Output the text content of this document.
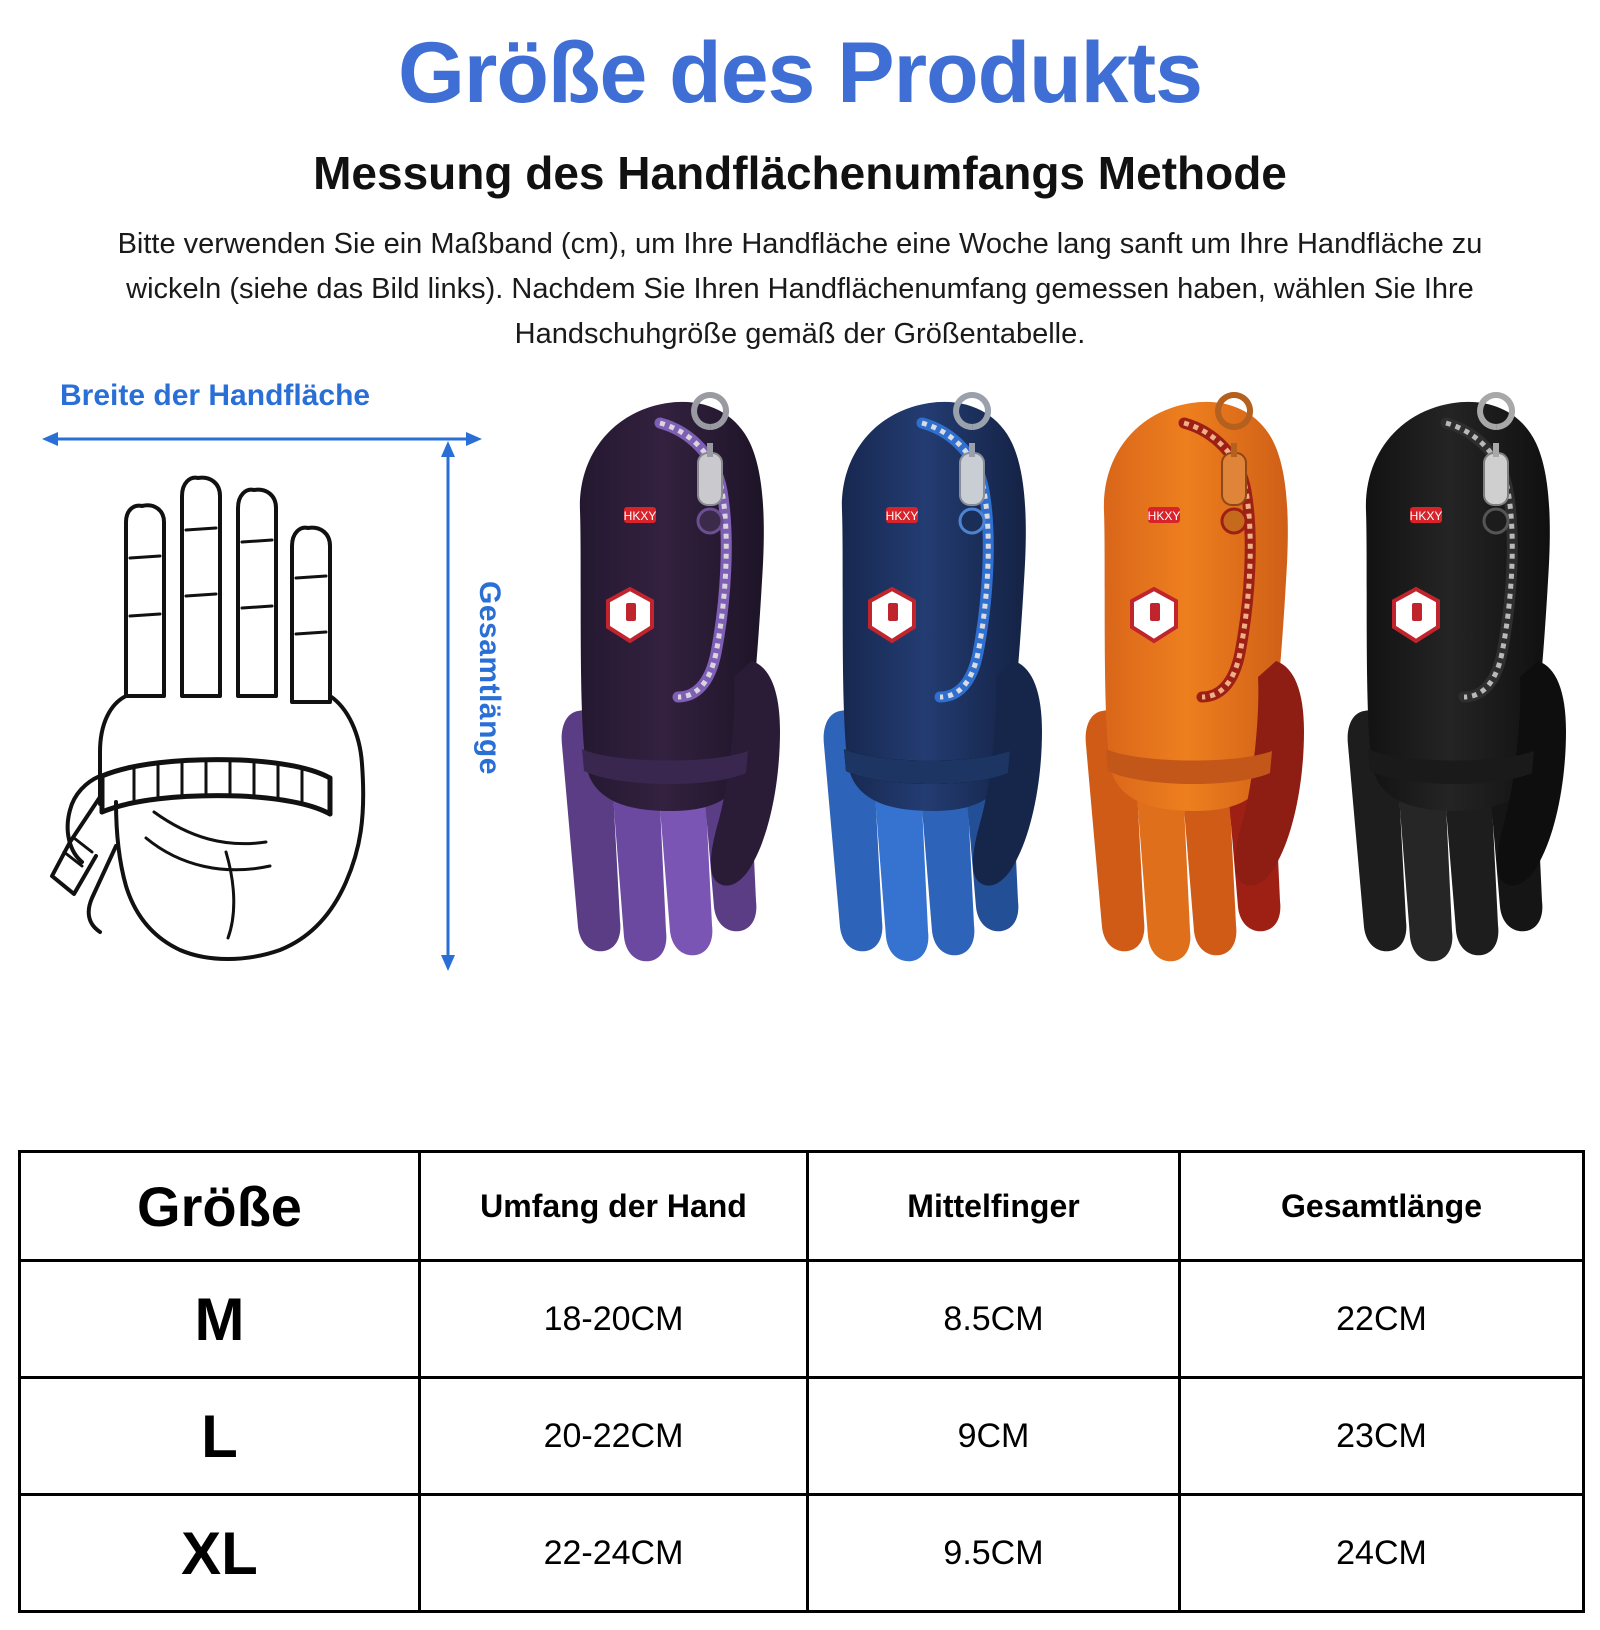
Größe des Produkts
Messung des Handflächenumfangs Methode
Bitte verwenden Sie ein Maßband (cm), um Ihre Handfläche eine Woche lang sanft um Ihre Handfläche zu wickeln (siehe das Bild links). Nachdem Sie Ihren Handflächenumfang gemessen haben, wählen Sie Ihre Handschuhgröße gemäß der Größentabelle.
Breite der Handfläche
Gesamtlänge
HKXY	HKXY	HKXY	HKXY
Größe	Umfang der Hand	Mittelfinger	Gesamtlänge
M	18-20CM	8.5CM	22CM
L	20-22CM	9CM	23CM
XL	22-24CM	9.5CM	24CM
